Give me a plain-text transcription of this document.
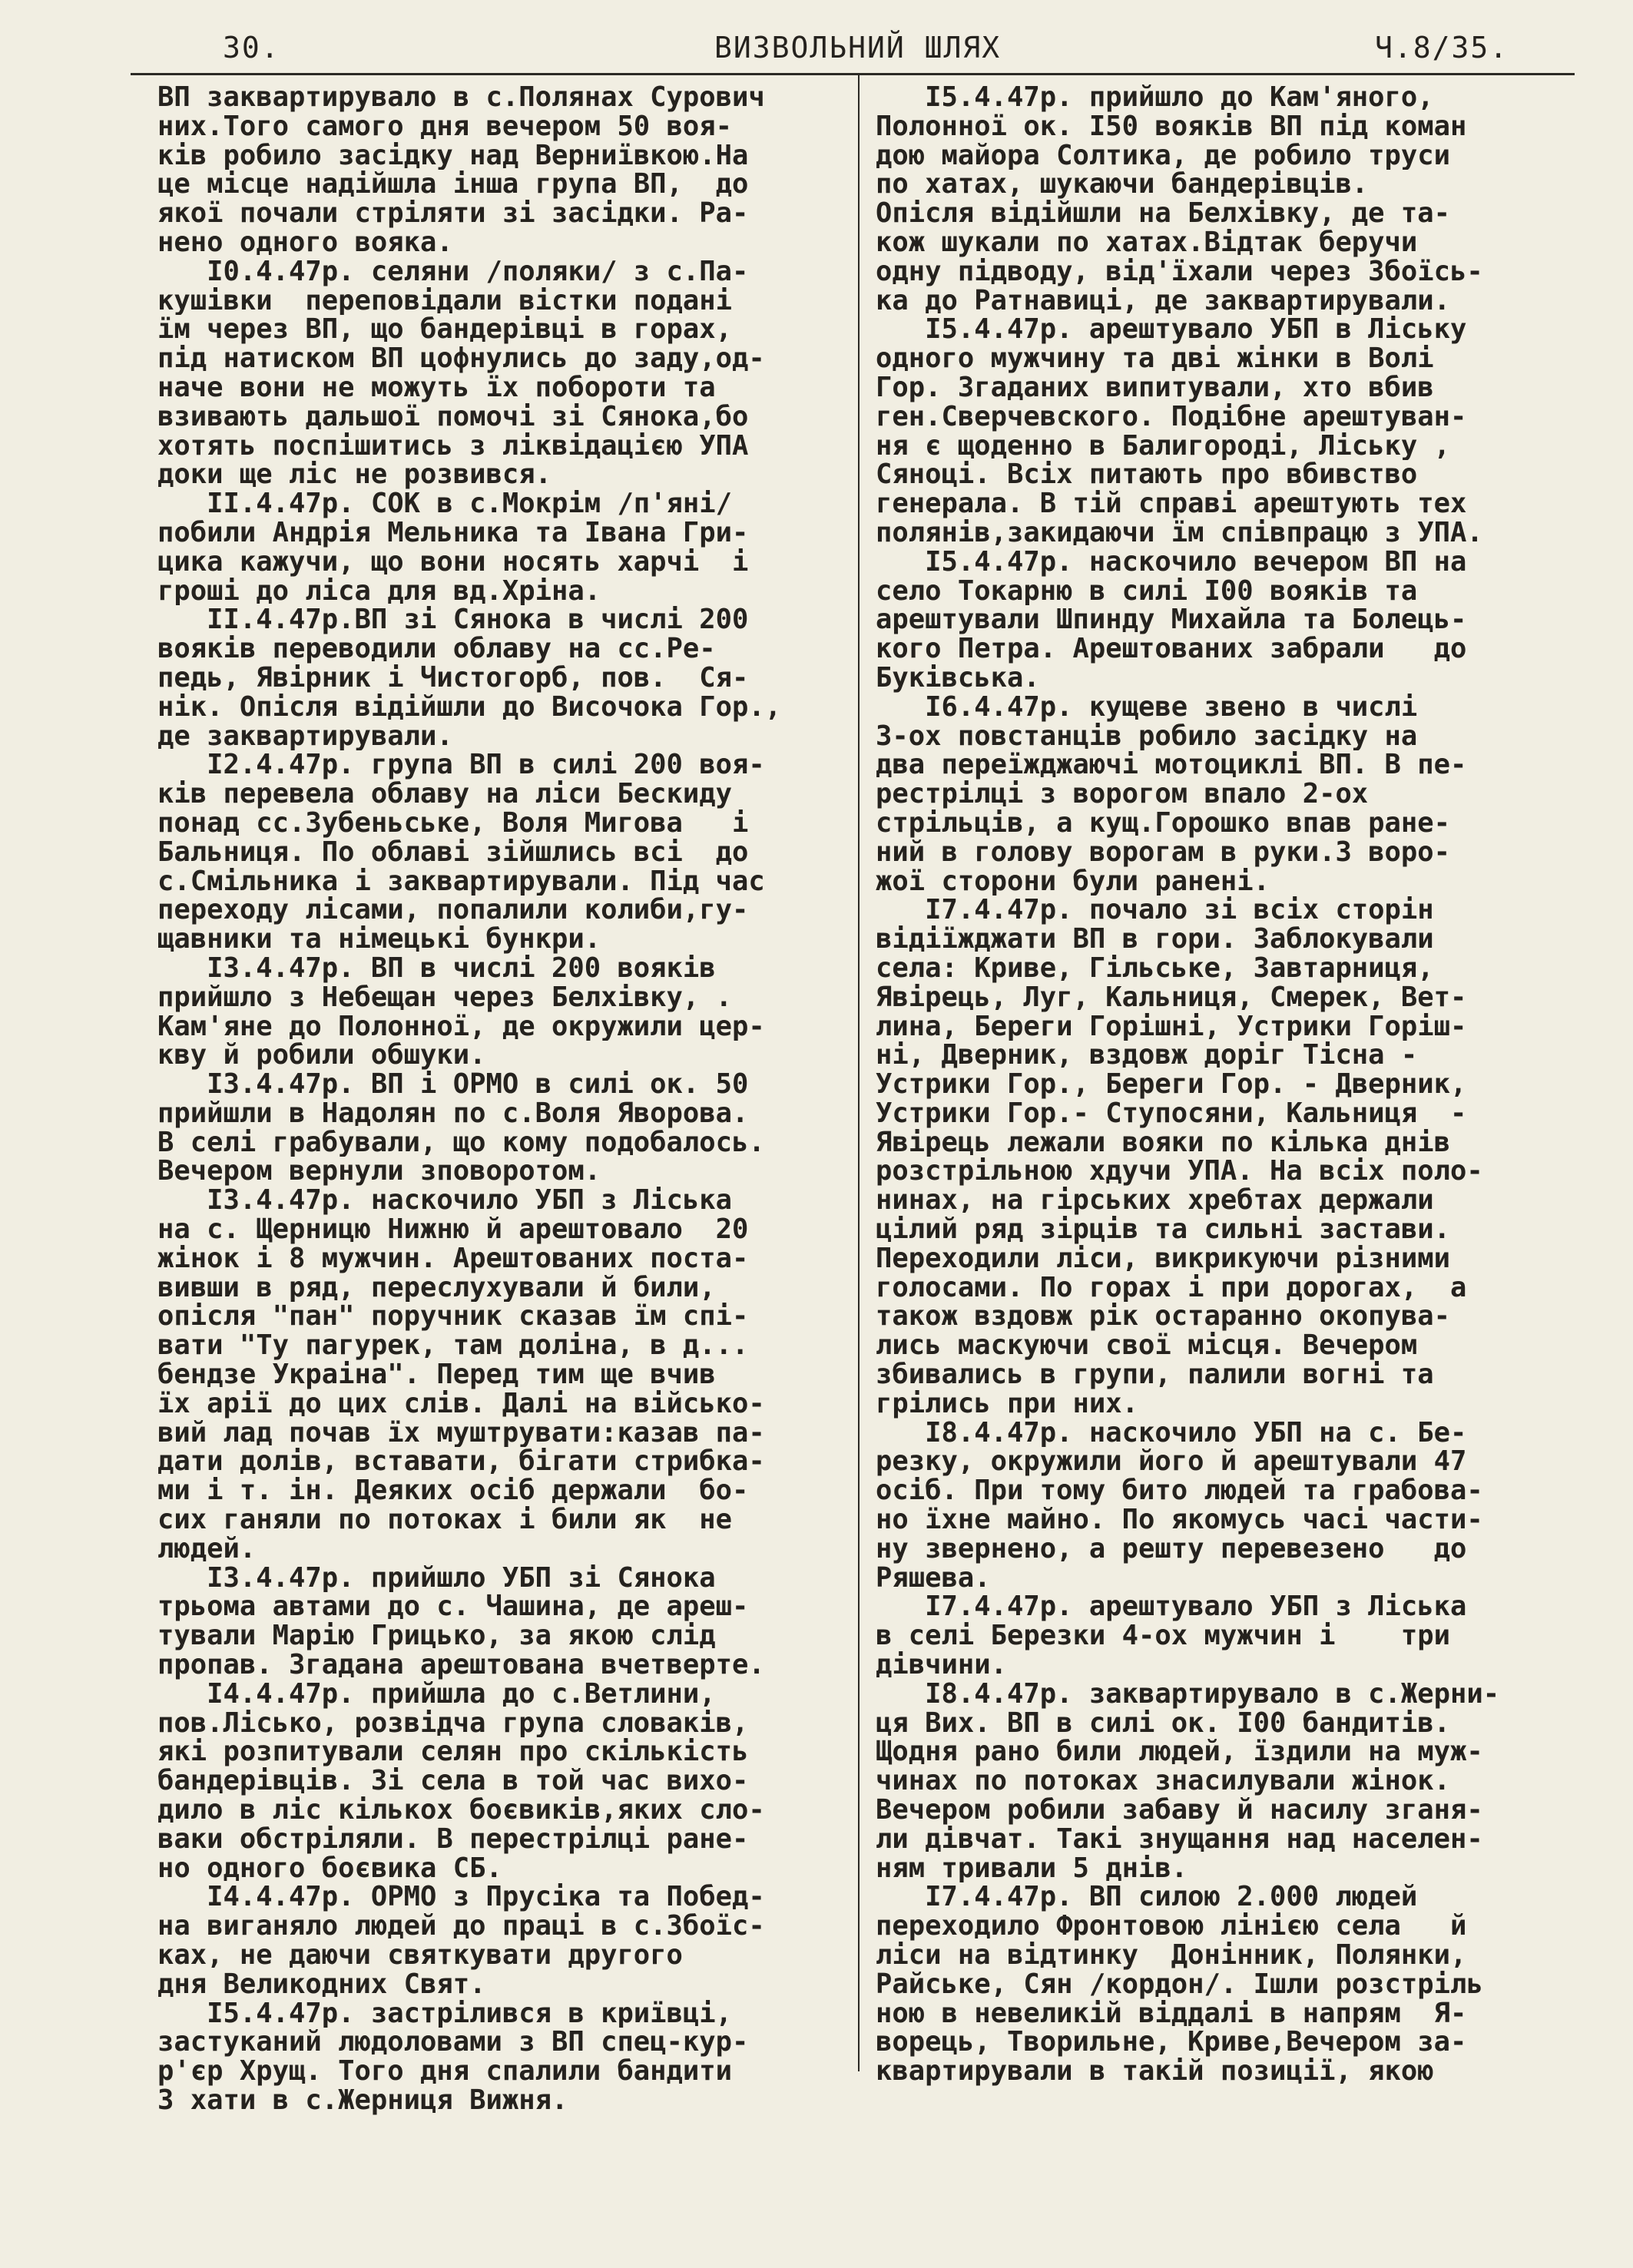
30.	ВИЗВОЛЬНИЙ ШЛЯХ	Ч.8/35.
ВП заквартирувало в с.Полянах Сурович
них.Того самого дня вечером 50 воя-
ків робило засідку над Верниївкою.На
це місце надійшла інша група ВП,  до
якої почали стріляти зі засідки. Ра-
нено одного вояка.
І0.4.47р. селяни /поляки/ з с.Па-
кушівки  переповідали вістки подані
їм через ВП, що бандерівці в горах,
під натиском ВП цофнулись до заду,од-
наче вони не можуть їх побороти та
взивають дальшої помочі зі Сянока,бо
хотять поспішитись з ліквідацією УПА
доки ще ліс не розвився.
ІІ.4.47р. СОК в с.Мокрім /п'яні/
побили Андрія Мельника та Івана Гри-
цика кажучи, що вони носять харчі  і
гроші до ліса для вд.Хріна.
ІІ.4.47р.ВП зі Сянока в числі 200
вояків переводили облаву на сс.Ре-
педь, Явірник і Чистогорб, пов.  Ся-
нік. Опісля відійшли до Височока Гор.,
де заквартирували.
І2.4.47р. група ВП в силі 200 воя-
ків перевела облаву на ліси Бескиду
понад сс.Зубеньське, Воля Мигова   і
Бальниця. По облаві зійшлись всі  до
с.Смільника і заквартирували. Під час
переходу лісами, попалили колиби,гу-
щавники та німецькі бункри.
І3.4.47р. ВП в числі 200 вояків
прийшло з Небещан через Белхівку, .
Кам'яне до Полонної, де окружили цер-
кву й робили обшуки.
І3.4.47р. ВП і ОРМО в силі ок. 50
прийшли в Надолян по с.Воля Яворова.
В селі грабували, що кому подобалось.
Вечером вернули зповоротом.
І3.4.47р. наскочило УБП з Ліська
на с. Щерницю Нижню й арештовало  20
жінок і 8 мужчин. Арештованих поста-
вивши в ряд, переслухували й били,
опісля "пан" поручник сказав їм спі-
вати "Ту пагурек, там доліна, в д...
бендзе Украіна". Перед тим ще вчив
їх арії до цих слів. Далі на військо-
вий лад почав їх муштрувати:казав па-
дати долів, вставати, бігати стрибка-
ми і т. ін. Деяких осіб держали  бо-
сих ганяли по потоках і били як  не
людей.
І3.4.47р. прийшло УБП зі Сянока
трьома автами до с. Чашина, де ареш-
тували Марію Грицько, за якою слід
пропав. Згадана арештована вчетверте.
І4.4.47р. прийшла до с.Ветлини,
пов.Лісько, розвідча група словаків,
які розпитували селян про скількість
бандерівців. Зі села в той час вихо-
дило в ліс кількох боєвиків,яких сло-
ваки обстріляли. В перестрілці ране-
но одного боєвика СБ.
І4.4.47р. ОРМО з Прусіка та Побед-
на виганяло людей до праці в с.Збоїс-
ках, не даючи святкувати другого
дня Великодних Свят.
І5.4.47р. застрілився в криївці,
застуканий людоловами з ВП спец-кур-
р'єр Хрущ. Того дня спалили бандити
3 хати в с.Жерниця Вижня.
І5.4.47р. прийшло до Кам'яного,
Полонної ок. І50 вояків ВП під коман
дою майора Солтика, де робило труси
по хатах, шукаючи бандерівців.
Опісля відійшли на Белхівку, де та-
кож шукали по хатах.Відтак беручи
одну підводу, від'їхали через Збоїсь-
ка до Ратнавиці, де заквартирували.
І5.4.47р. арештувало УБП в Ліську
одного мужчину та дві жінки в Волі
Гор. Згаданих випитували, хто вбив
ген.Сверчевского. Подібне арештуван-
ня є щоденно в Балигороді, Ліську ,
Сяноці. Всіх питають про вбивство
генерала. В тій справі арештують тех
полянів,закидаючи їм співпрацю з УПА.
І5.4.47р. наскочило вечером ВП на
село Токарню в силі І00 вояків та
арештували Шпинду Михайла та Болець-
кого Петра. Арештованих забрали   до
Буківська.
І6.4.47р. кущеве звено в числі
3-ох повстанців робило засідку на
два переїжджаючі мотоциклі ВП. В пе-
рестрілці з ворогом впало 2-ох
стрільців, а кущ.Горошко впав ране-
ний в голову ворогам в руки.3 воро-
жої сторони були ранені.
І7.4.47р. почало зі всіх сторін
відіїжджати ВП в гори. Заблокували
села: Криве, Гільське, Завтарниця,
Явірець, Луг, Кальниця, Смерек, Вет-
лина, Береги Горішні, Устрики Горіш-
ні, Дверник, вздовж доріг Тісна -
Устрики Гор., Береги Гор. - Дверник,
Устрики Гор.- Ступосяни, Кальниця  -
Явірець лежали вояки по кілька днів
розстрільною хдучи УПА. На всіх поло-
нинах, на гірських хребтах держали
цілий ряд зірців та сильні застави.
Переходили ліси, викрикуючи різними
голосами. По горах і при дорогах,  а
також вздовж рік остаранно окопува-
лись маскуючи свої місця. Вечером
збивались в групи, палили вогні та
грілись при них.
І8.4.47р. наскочило УБП на с. Бе-
резку, окружили його й арештували 47
осіб. При тому бито людей та грабова-
но їхне майно. По якомусь часі части-
ну звернено, а решту перевезено   до
Ряшева.
І7.4.47р. арештувало УБП з Ліська
в селі Березки 4-ох мужчин і    три
дівчини.
І8.4.47р. заквартирувало в с.Жерни-
ця Вих. ВП в силі ок. І00 бандитів.
Щодня рано били людей, їздили на муж-
чинах по потоках знасилували жінок.
Вечером робили забаву й насилу зганя-
ли дівчат. Такі знущання над населен-
ням тривали 5 днів.
І7.4.47р. ВП силою 2.000 людей
переходило Фронтовою лінією села   й
ліси на відтинку  Донінник, Полянки,
Райське, Сян /кордон/. Ішли розстріль
ною в невеликій віддалі в напрям  Я-
ворець, Творильне, Криве,Вечером за-
квартирували в такій позиції, якою
